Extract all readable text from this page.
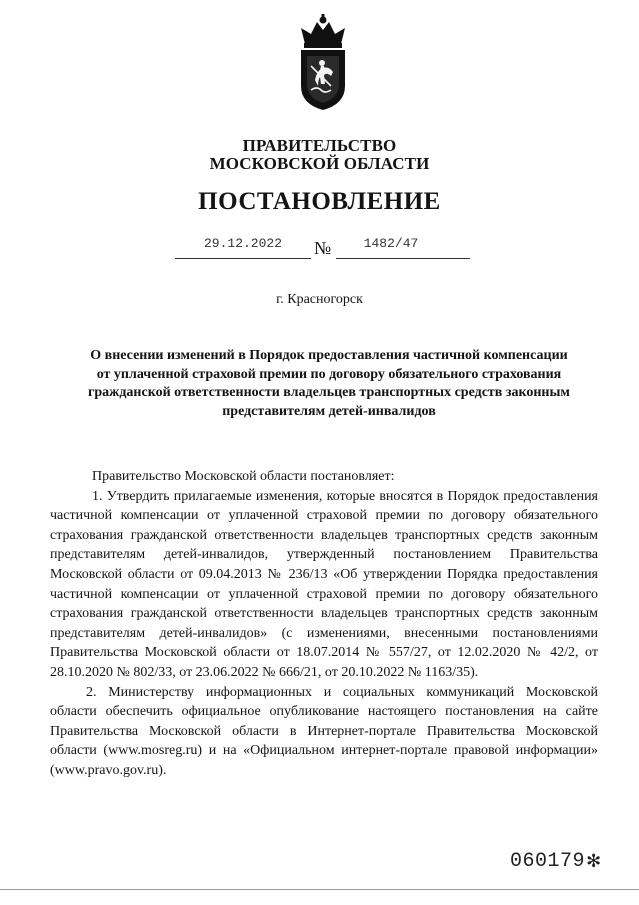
ПРАВИТЕЛЬСТВО
МОСКОВСКОЙ ОБЛАСТИ
ПОСТАНОВЛЕНИЕ
29.12.2022	№	1482/47
г. Красногорск
О внесении изменений в Порядок предоставления частичной компенсации
от уплаченной страховой премии по договору обязательного страхования
гражданской ответственности владельцев транспортных средств законным
представителям детей-инвалидов

Правительство Московской области постановляет:

1. Утвердить прилагаемые изменения, которые вносятся в Порядок предоставления частичной компенсации от уплаченной страховой премии по договору обязательного страхования гражданской ответственности владельцев транспортных средств законным представителям детей-инвалидов, утвержденный постановлением Правительства Московской области от 09.04.2013 № 236/13 «Об утверждении Порядка предоставления частичной компенсации от уплаченной страховой премии по договору обязательного страхования гражданской ответственности владельцев транспортных средств законным представителям детей-инвалидов» (с изменениями, внесенными постановлениями Правительства Московской области от 18.07.2014 № 557/27, от 12.02.2020 № 42/2, от 28.10.2020 № 802/33, от 23.06.2022 № 666/21, от 20.10.2022 № 1163/35).

2. Министерству информационных и социальных коммуникаций Московской области обеспечить официальное опубликование настоящего постановления на сайте Правительства Московской области в Интернет-портале Правительства Московской области (www.mosreg.ru) и на «Официальном интернет-портале правовой информации» (www.pravo.gov.ru).

060179 ✻
